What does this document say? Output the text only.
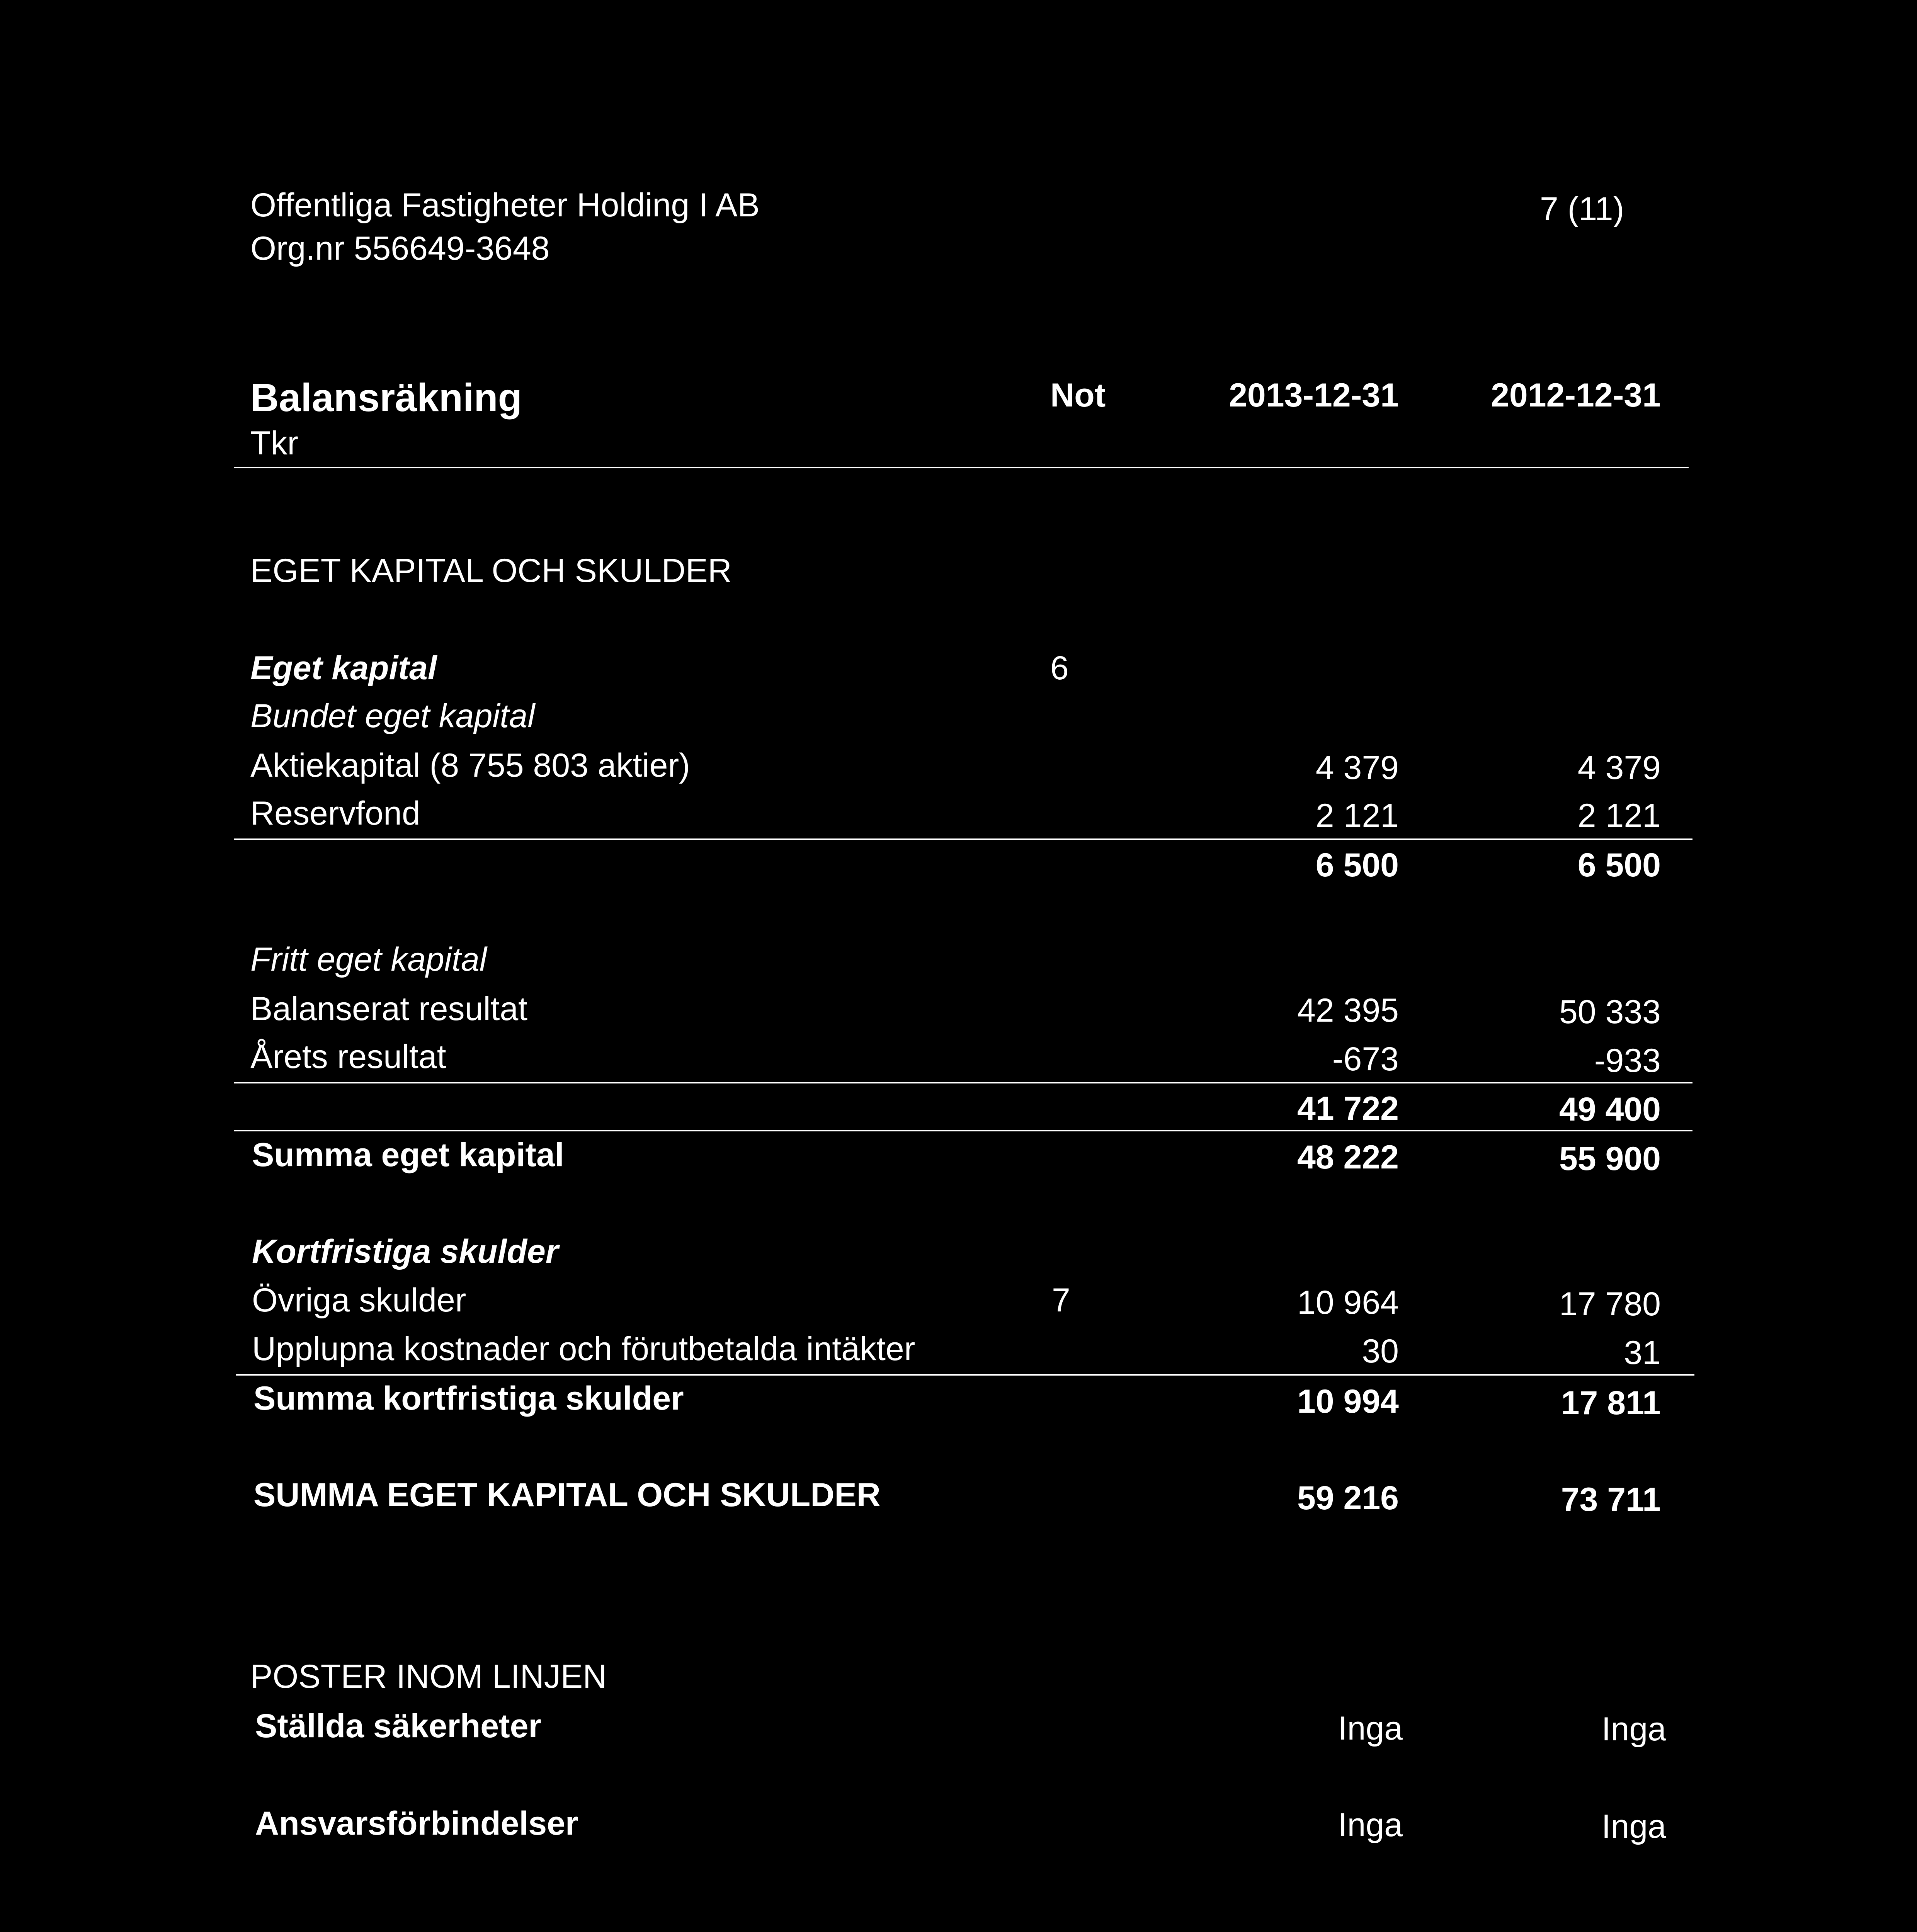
Offentliga Fastigheter Holding I AB
Org.nr 556649-3648
7 (11)
Balansräkning
Tkr
Not	2013-12-31	2012-12-31
EGET KAPITAL OCH SKULDER
Eget kapital	6
Bundet eget kapital
Aktiekapital (8 755 803 aktier)	4 379	4 379
Reservfond	2 121	2 121
6 500	6 500
Fritt eget kapital
Balanserat resultat	42 395	50 333
Årets resultat	-673	-933
41 722	49 400
Summa eget kapital	48 222	55 900
Kortfristiga skulder
Övriga skulder	7	10 964	17 780
Upplupna kostnader och förutbetalda intäkter	30	31
Summa kortfristiga skulder	10 994	17 811
SUMMA EGET KAPITAL OCH SKULDER	59 216	73 711
POSTER INOM LINJEN
Ställda säkerheter	Inga	Inga
Ansvarsförbindelser	Inga	Inga
